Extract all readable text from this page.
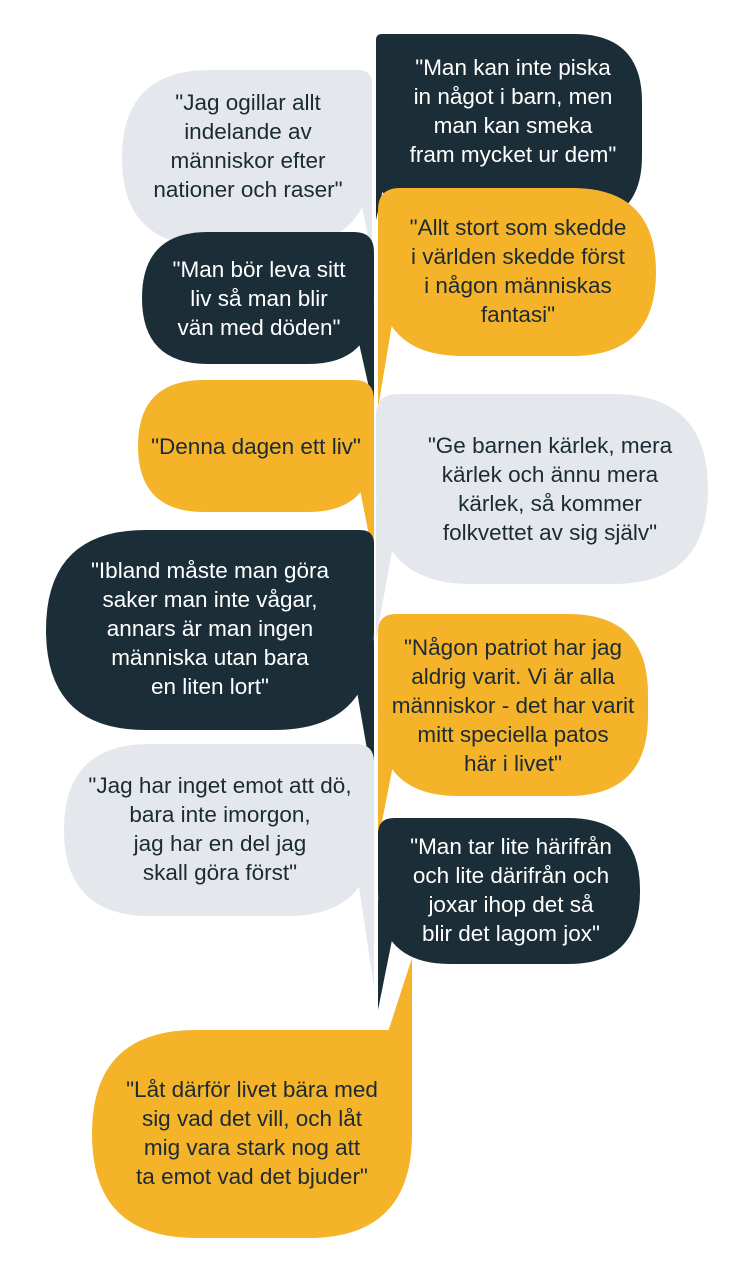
"Man kan inte piska
in något i barn, men
man kan smeka
fram mycket ur dem"
"Jag ogillar allt
indelande av
människor efter
nationer och raser"
"Allt stort som skedde
i världen skedde först
i någon människas
fantasi"
"Man bör leva sitt
liv så man blir
vän med döden"
"Denna dagen ett liv"	"Ge barnen kärlek, mera
kärlek och ännu mera
kärlek, så kommer
folkvettet av sig själv"
"Ibland måste man göra
saker man inte vågar,
annars är man ingen
människa utan bara
en liten lort"
"Någon patriot har jag
aldrig varit. Vi är alla
människor - det har varit
mitt speciella patos
här i livet"
"Jag har inget emot att dö,
bara inte imorgon,
jag har en del jag
skall göra först"
"Man tar lite härifrån
och lite därifrån och
joxar ihop det så
blir det lagom jox"
"Låt därför livet bära med
sig vad det vill, och låt
mig vara stark nog att
ta emot vad det bjuder"
